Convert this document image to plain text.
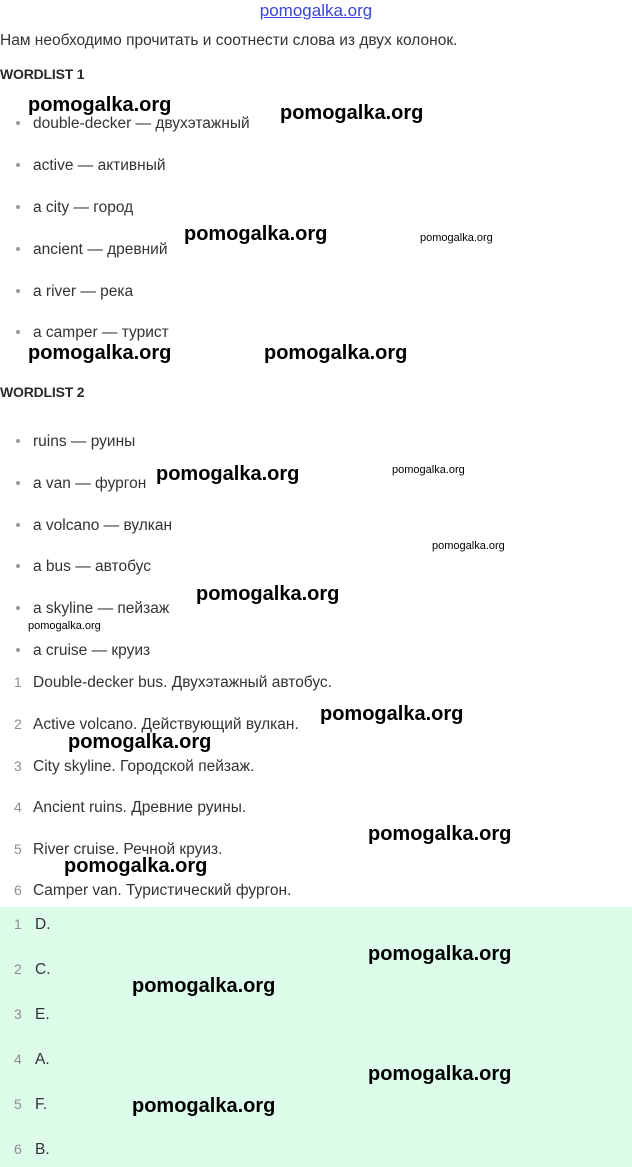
pomogalka.org
Нам необходимо прочитать и соотнести слова из двух колонок.
WORDLIST 1
double-decker — двухэтажный
active — активный
a city — город
ancient — древний
a river — река
a camper — турист
WORDLIST 2
ruins — руины
a van — фургон
a volcano — вулкан
a bus — автобус
a skyline — пейзаж
a cruise — круиз
1 Double-decker bus. Двухэтажный автобус.
2 Active volcano. Действующий вулкан.
3 City skyline. Городской пейзаж.
4 Ancient ruins. Древние руины.
5 River cruise. Речной круиз.
6 Camper van. Туристический фургон.
1 D.
2 C.
3 E.
4 A.
5 F.
6 B.
pomogalka.org	pomogalka.org
pomogalka.org	pomogalka.org
pomogalka.org	pomogalka.org
pomogalka.org	pomogalka.org
pomogalka.org
pomogalka.org
pomogalka.org
pomogalka.org
pomogalka.org
pomogalka.org
pomogalka.org
pomogalka.org
pomogalka.org
pomogalka.org
pomogalka.org
